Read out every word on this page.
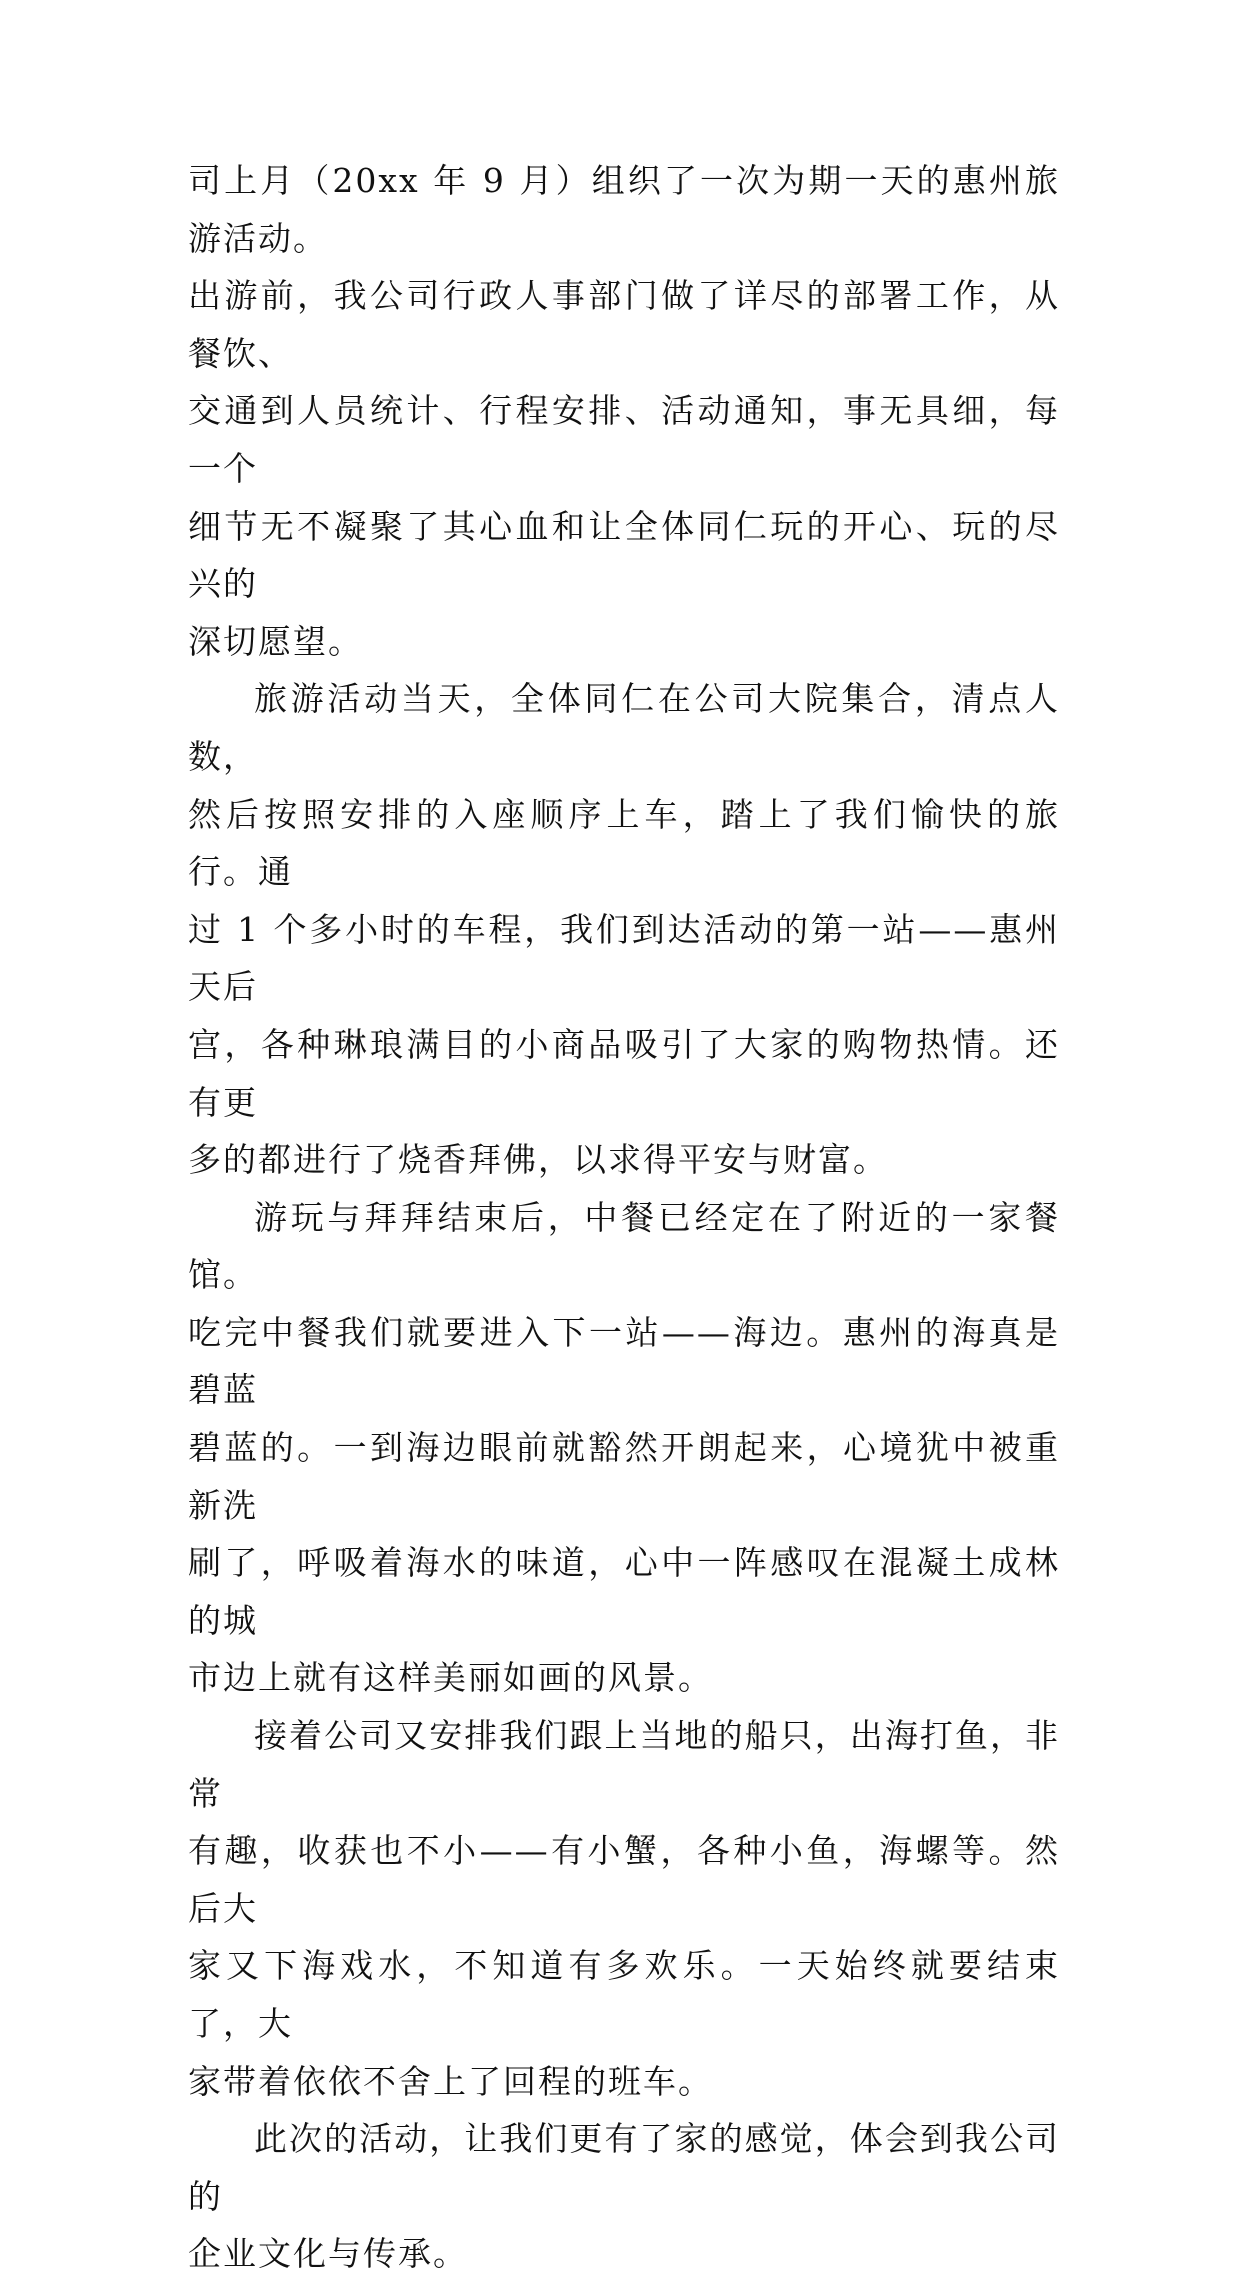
司上月（20xx 年 9 月）组织了一次为期一天的惠州旅游活动。
出游前，我公司行政人事部门做了详尽的部署工作，从餐饮、
交通到人员统计、行程安排、活动通知，事无具细，每一个
细节无不凝聚了其心血和让全体同仁玩的开心、玩的尽兴的
深切愿望。

旅游活动当天，全体同仁在公司大院集合，清点人数，
然后按照安排的入座顺序上车，踏上了我们愉快的旅行。通
过 1 个多小时的车程，我们到达活动的第一站——惠州天后
宫，各种琳琅满目的小商品吸引了大家的购物热情。还有更
多的都进行了烧香拜佛，以求得平安与财富。

游玩与拜拜结束后，中餐已经定在了附近的一家餐馆。
吃完中餐我们就要进入下一站——海边。惠州的海真是碧蓝
碧蓝的。一到海边眼前就豁然开朗起来，心境犹中被重新洗
刷了，呼吸着海水的味道，心中一阵感叹在混凝土成林的城
市边上就有这样美丽如画的风景。

接着公司又安排我们跟上当地的船只，出海打鱼，非常
有趣，收获也不小——有小蟹，各种小鱼，海螺等。然后大
家又下海戏水，不知道有多欢乐。一天始终就要结束了，大
家带着依依不舍上了回程的班车。

此次的活动，让我们更有了家的感觉，体会到我公司的
企业文化与传承。
